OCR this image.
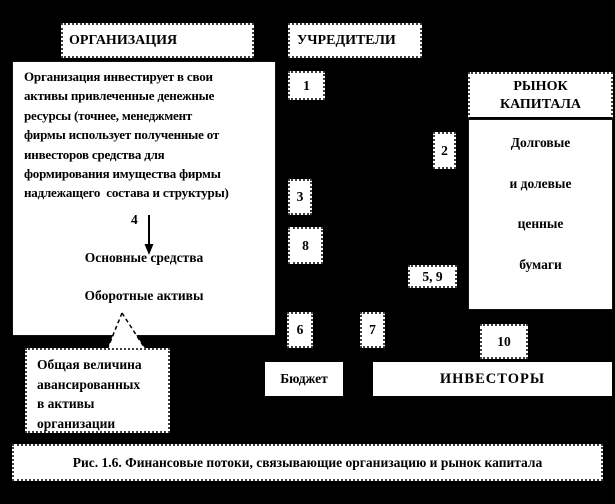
ОРГАНИЗАЦИЯ	УЧРЕДИТЕЛИ
Организация инвестирует в свои
активы привлеченные денежные
ресурсы (точнее, менеджмент
фирмы использует полученные от
инвесторов средства для
формирования имущества фирмы
надлежащего  состава и структуры)
4
Основные средства
Оборотные активы
РЫНОК
КАПИТАЛА
Долговые
и долевые
ценные
бумаги
1
2
3
8
5, 9
6	7
10
Бюджет	ИНВЕСТОРЫ
Общая величина
авансированных
в активы
организации
Рис. 1.6. Финансовые потоки, связывающие организацию и рынок капитала
